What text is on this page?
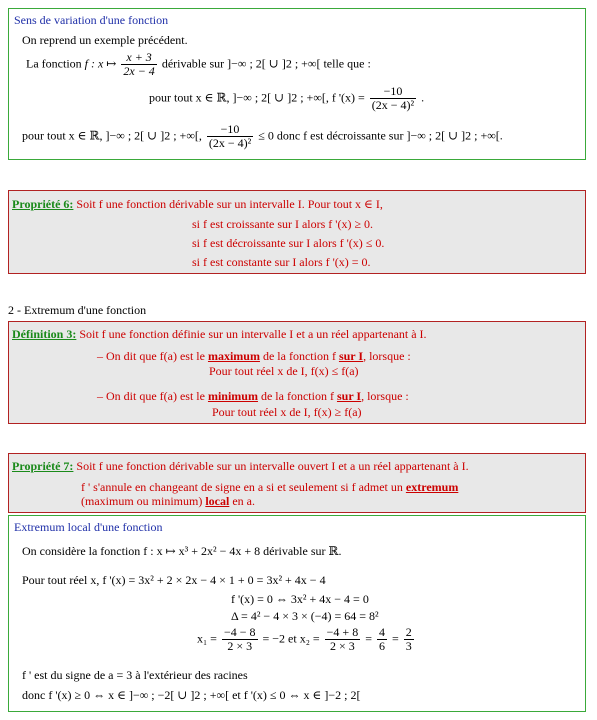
Sens de variation d'une fonction
On reprend un exemple précédent.
La fonction f : x ↦ $\frac{x + 3}{2x - 4}$ dérivable sur ]−∞ ; 2[ ∪ ]2 ; +∞[ telle que :
pour tout x ∈ ℝ, ]−∞ ; 2[ ∪ ]2 ; +∞[, f '$(x) = \frac{-10}{\text{(2x − 4)²}}$ .
pour tout x ∈ ℝ, ]−∞ ; 2[ ∪ ]2 ; +∞[, $\frac{-10}{\text{(2x − 4)²}} \le 0$ donc f est décroissante sur ]−∞ ; 2[ ∪ ]2 ; +∞[.
Propriété 6: Soit f une fonction dérivable sur un intervalle I. Pour tout x ∈ I,
si f est croissante sur I alors f '(x) ≥ 0.
si f est décroissante sur I alors f '(x) ≤ 0.
si f est constante sur I alors f '(x) = 0.
2 - Extremum d'une fonction
Définition 3: Soit f une fonction définie sur un intervalle I et a un réel appartenant à I.
– On dit que f(a) est le maximum de la fonction f sur I, lorsque :
Pour tout réel x de I, f(x) ≤ f(a)
– On dit que f(a) est le minimum de la fonction f sur I, lorsque :
Pour tout réel x de I, f(x) ≥ f(a)
Propriété 7: Soit f une fonction dérivable sur un intervalle ouvert I et a un réel appartenant à I.
f ' s'annule en changeant de signe en a si et seulement si f admet un extremum
(maximum ou minimum) local en a.
Extremum local d'une fonction
On considère la fonction f : x ↦ x³ + 2x² − 4x + 8 dérivable sur ℝ.
Pour tout réel x, f '(x) = 3x² + 2 × 2x − 4 × 1 + 0 = 3x² + 4x − 4
f '(x) = 0 ⇔ 3x² + 4x − 4 = 0
Δ = 4² − 4 × 3 × (−4) = 64 = 8²
$x_1 = \frac{-4 - 8}{2 \times 3} = -2$ et $x_2 = \frac{-4 + 8}{2 \times 3} = \frac{4}{6} = \frac{2}{3}$
f ' est du signe de a = 3 à l'extérieur des racines
donc f '(x) ≥ 0 ⇔ x ∈ ]−∞ ; −2[ ∪ ]2 ; +∞[ et f '(x) ≤ 0 ⇔ x ∈ ]−2 ; 2[
